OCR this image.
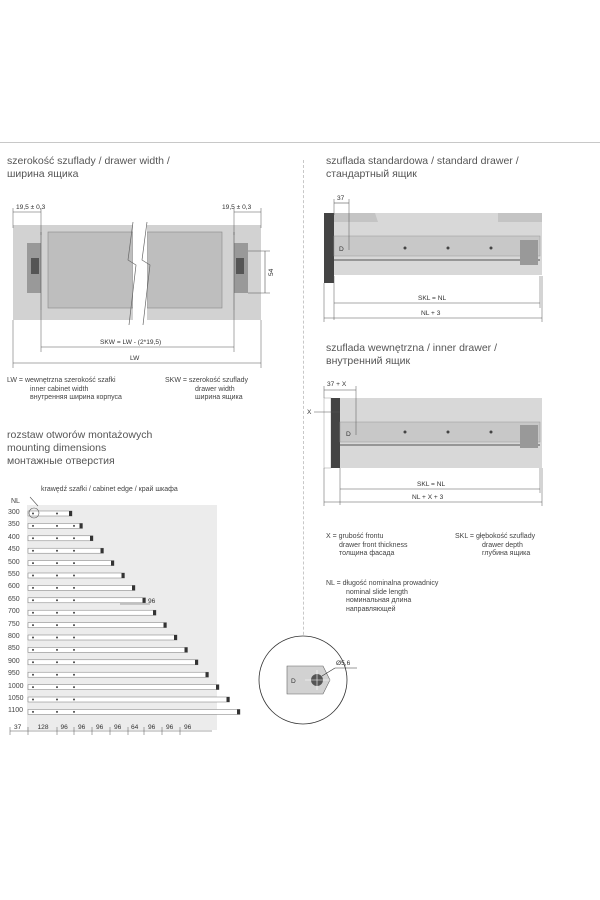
szerokość szuflady / drawer width /
ширина ящика
19,5 ± 0,3	19,5 ± 0,3
54
SKW = LW - (2*19,5)
LW
LW = wewnętrzna szerokość szafki
inner cabinet width
внутренняя ширина корпуса
SKW = szerokość szuflady
drawer width
ширина ящика
rozstaw otworów montażowych
mounting dimensions
монтажные отверстия
krawędź szafki / cabinet edge / край шкафа
NL
96
37 128 96 96 96 96 64 96 96 96
300
350
400
450
500
550
600
650
700
750
800
850
900
950
1000
1050
1100
szuflada standardowa / standard drawer /
стандартный ящик
D
37
SKL = NL
NL + 3
szuflada wewnętrzna / inner drawer /
внутренний ящик
D
37 + X
X
SKL = NL
NL + X + 3
X = grubość frontu
drawer front thickness
толщина фасада
SKL = głębokość szuflady
drawer depth
глубина ящика
NL = długość nominalna prowadnicy
nominal slide length
номинальная длина
направляющей
D
Ø5,6
